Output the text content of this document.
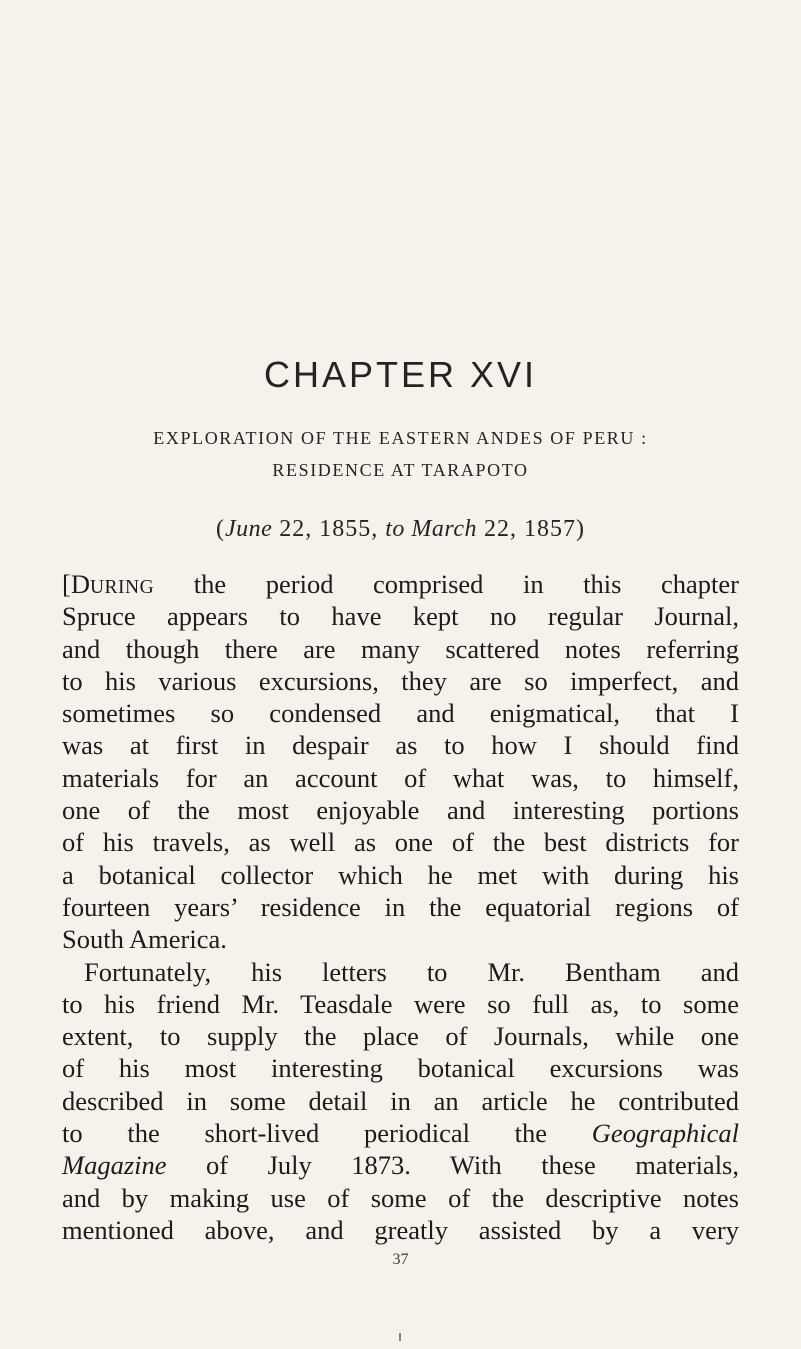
CHAPTER XVI
EXPLORATION OF THE EASTERN ANDES OF PERU :
RESIDENCE AT TARAPOTO
(June 22, 1855, to March 22, 1857)
[DURING the period comprised in this chapter
Spruce appears to have kept no regular Journal,
and though there are many scattered notes referring
to his various excursions, they are so imperfect, and
sometimes so condensed and enigmatical, that I
was at first in despair as to how I should find
materials for an account of what was, to himself,
one of the most enjoyable and interesting portions
of his travels, as well as one of the best districts for
a botanical collector which he met with during his
fourteen years’ residence in the equatorial regions of
South America.
Fortunately, his letters to Mr. Bentham and
to his friend Mr. Teasdale were so full as, to some
extent, to supply the place of Journals, while one
of his most interesting botanical excursions was
described in some detail in an article he contributed
to the short-lived periodical the Geographical
Magazine of July 1873. With these materials,
and by making use of some of the descriptive notes
mentioned above, and greatly assisted by a very
37
